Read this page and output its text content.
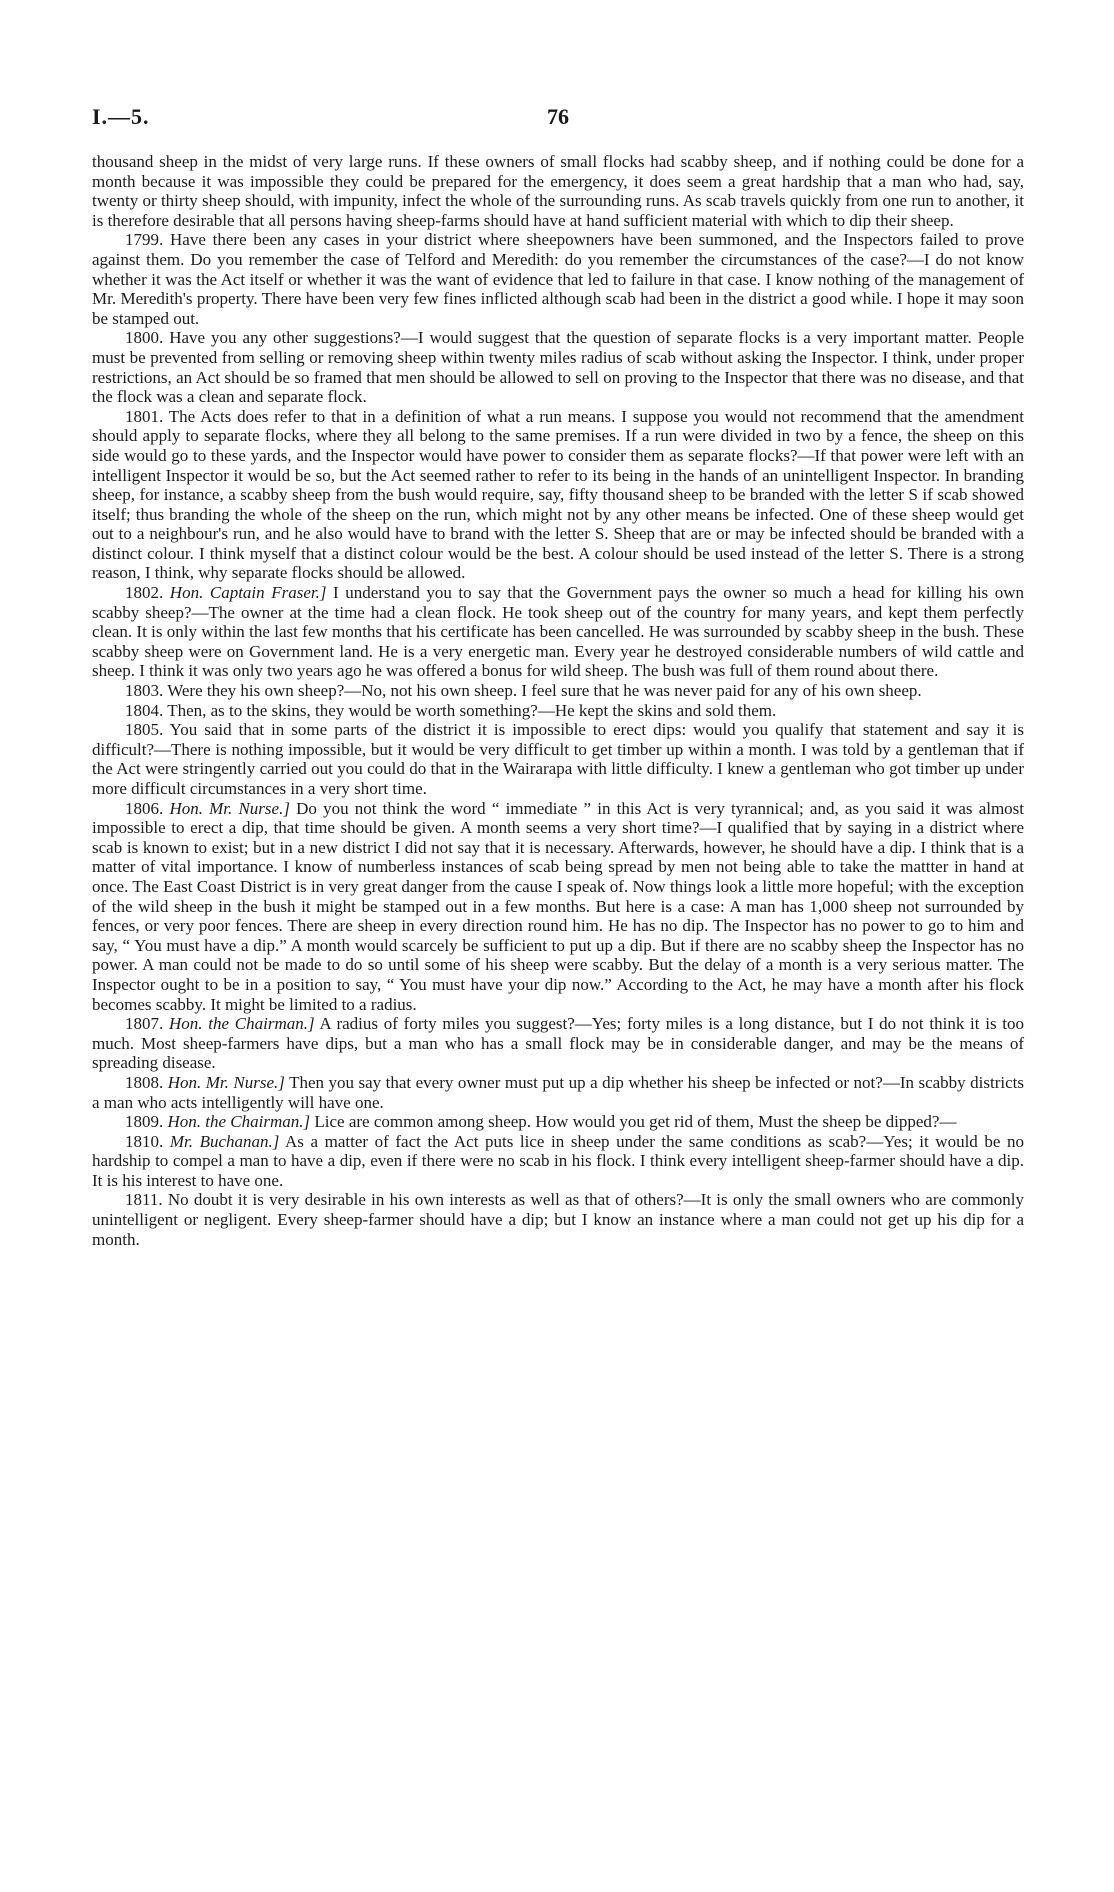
I.—5.	76

thousand sheep in the midst of very large runs. If these owners of small flocks had scabby sheep, and if nothing could be done for a month because it was impossible they could be prepared for the emergency, it does seem a great hardship that a man who had, say, twenty or thirty sheep should, with impunity, infect the whole of the surrounding runs. As scab travels quickly from one run to another, it is therefore desirable that all persons having sheep-farms should have at hand sufficient material with which to dip their sheep.

1799. Have there been any cases in your district where sheepowners have been summoned, and the Inspectors failed to prove against them. Do you remember the case of Telford and Meredith: do you remember the circumstances of the case?—I do not know whether it was the Act itself or whether it was the want of evidence that led to failure in that case. I know nothing of the management of Mr. Meredith's property. There have been very few fines inflicted although scab had been in the district a good while. I hope it may soon be stamped out.

1800. Have you any other suggestions?—I would suggest that the question of separate flocks is a very important matter. People must be prevented from selling or removing sheep within twenty miles radius of scab without asking the Inspector. I think, under proper restrictions, an Act should be so framed that men should be allowed to sell on proving to the Inspector that there was no disease, and that the flock was a clean and separate flock.

1801. The Acts does refer to that in a definition of what a run means. I suppose you would not recommend that the amendment should apply to separate flocks, where they all belong to the same premises. If a run were divided in two by a fence, the sheep on this side would go to these yards, and the Inspector would have power to consider them as separate flocks?—If that power were left with an intelligent Inspector it would be so, but the Act seemed rather to refer to its being in the hands of an unintelligent Inspector. In branding sheep, for instance, a scabby sheep from the bush would require, say, fifty thousand sheep to be branded with the letter S if scab showed itself; thus branding the whole of the sheep on the run, which might not by any other means be infected. One of these sheep would get out to a neighbour's run, and he also would have to brand with the letter S. Sheep that are or may be infected should be branded with a distinct colour. I think myself that a distinct colour would be the best. A colour should be used instead of the letter S. There is a strong reason, I think, why separate flocks should be allowed.

1802. Hon. Captain Fraser.] I understand you to say that the Government pays the owner so much a head for killing his own scabby sheep?—The owner at the time had a clean flock. He took sheep out of the country for many years, and kept them perfectly clean. It is only within the last few months that his certificate has been cancelled. He was surrounded by scabby sheep in the bush. These scabby sheep were on Government land. He is a very energetic man. Every year he destroyed considerable numbers of wild cattle and sheep. I think it was only two years ago he was offered a bonus for wild sheep. The bush was full of them round about there.

1803. Were they his own sheep?—No, not his own sheep. I feel sure that he was never paid for any of his own sheep.

1804. Then, as to the skins, they would be worth something?—He kept the skins and sold them.

1805. You said that in some parts of the district it is impossible to erect dips: would you qualify that statement and say it is difficult?—There is nothing impossible, but it would be very difficult to get timber up within a month. I was told by a gentleman that if the Act were stringently carried out you could do that in the Wairarapa with little difficulty. I knew a gentleman who got timber up under more difficult circumstances in a very short time.

1806. Hon. Mr. Nurse.] Do you not think the word “ immediate ” in this Act is very tyrannical; and, as you said it was almost impossible to erect a dip, that time should be given. A month seems a very short time?—I qualified that by saying in a district where scab is known to exist; but in a new district I did not say that it is necessary. Afterwards, however, he should have a dip. I think that is a matter of vital importance. I know of numberless instances of scab being spread by men not being able to take the mattter in hand at once. The East Coast District is in very great danger from the cause I speak of. Now things look a little more hopeful; with the exception of the wild sheep in the bush it might be stamped out in a few months. But here is a case: A man has 1,000 sheep not surrounded by fences, or very poor fences. There are sheep in every direction round him. He has no dip. The Inspector has no power to go to him and say, “ You must have a dip.” A month would scarcely be sufficient to put up a dip. But if there are no scabby sheep the Inspector has no power. A man could not be made to do so until some of his sheep were scabby. But the delay of a month is a very serious matter. The Inspector ought to be in a position to say, “ You must have your dip now.” According to the Act, he may have a month after his flock becomes scabby. It might be limited to a radius.

1807. Hon. the Chairman.] A radius of forty miles you suggest?—Yes; forty miles is a long distance, but I do not think it is too much. Most sheep-farmers have dips, but a man who has a small flock may be in considerable danger, and may be the means of spreading disease.

1808. Hon. Mr. Nurse.] Then you say that every owner must put up a dip whether his sheep be infected or not?—In scabby districts a man who acts intelligently will have one.

1809. Hon. the Chairman.] Lice are common among sheep. How would you get rid of them, Must the sheep be dipped?—

1810. Mr. Buchanan.] As a matter of fact the Act puts lice in sheep under the same conditions as scab?—Yes; it would be no hardship to compel a man to have a dip, even if there were no scab in his flock. I think every intelligent sheep-farmer should have a dip. It is his interest to have one.

1811. No doubt it is very desirable in his own interests as well as that of others?—It is only the small owners who are commonly unintelligent or negligent. Every sheep-farmer should have a dip; but I know an instance where a man could not get up his dip for a month.
